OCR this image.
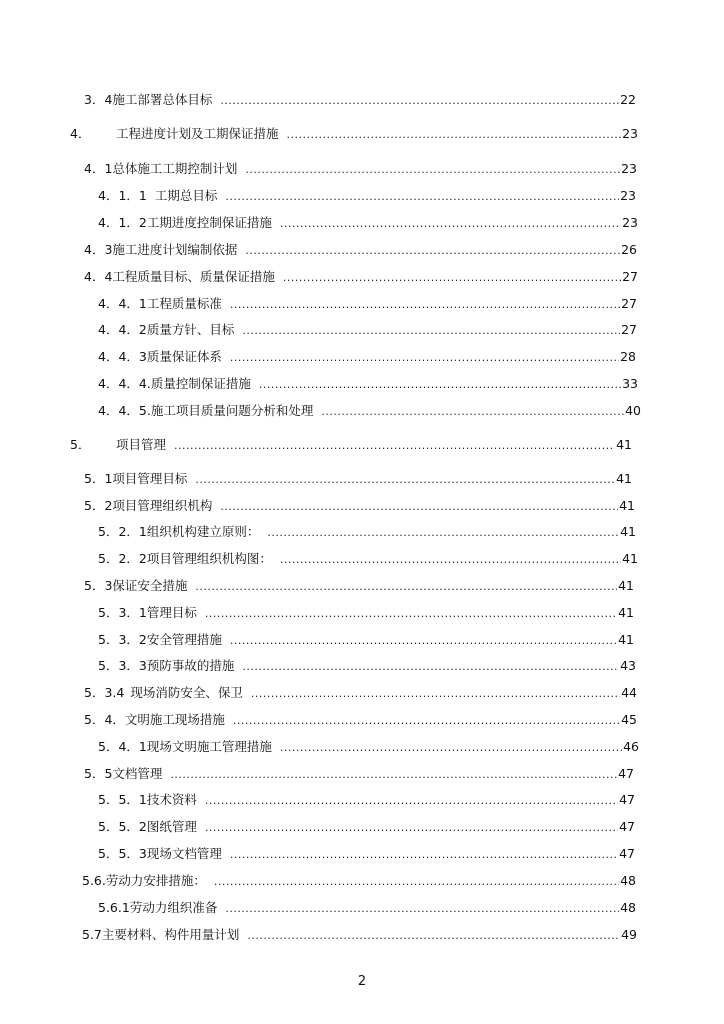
3．4 施工部署总体目标 .....	22
4．	工程进度计划及工期保证措施 .....	23
4．1 总体施工工期控制计划 .....	23
4．1．1 工期总目标 .....	23
4．1．2 工期进度控制保证措施 .....	23
4．3 施工进度计划编制依据 .....	26
4．4 工程质量目标、质量保证措施 .....	27
4．4．1 工程质量标准 .....	27
4．4．2 质量方针、目标 .....	27
4．4．3 质量保证体系 .....	28
4．4．4. 质量控制保证措施 .....	33
4．4．5. 施工项目质量问题分析和处理 .....	40
5．	项目管理 .....	41
5．1 项目管理目标 .....	41
5．2 项目管理组织机构 .....	41
5．2．1 组织机构建立原则： .....	41
5．2．2 项目管理组织机构图： .....	41
5．3 保证安全措施 .....	41
5．3．1 管理目标 .....	41
5．3．2 安全管理措施 .....	41
5．3．3 预防事故的措施 .....	43
5．3.4 现场消防安全、保卫 .....	44
5．4． 文明施工现场措施 .....	45
5．4．1 现场文明施工管理措施 .....	46
5．5 文档管理 .....	47
5．5．1 技术资料 .....	47
5．5．2 图纸管理 .....	47
5．5．3 现场文档管理 .....	47
5.6. 劳动力安排措施： .....	48
5.6.1 劳动力组织准备 .....	48
5.7 主要材料、构件用量计划 .....	49
2
